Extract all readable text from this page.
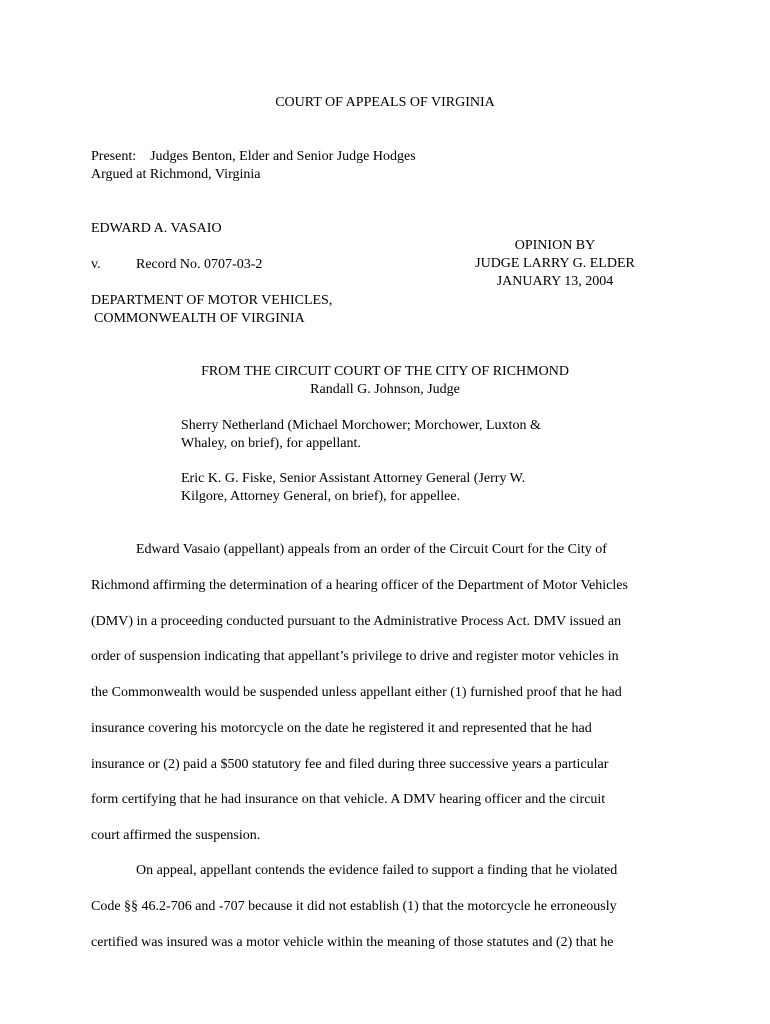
COURT OF APPEALS OF VIRGINIA
Present:    Judges Benton, Elder and Senior Judge Hodges
Argued at Richmond, Virginia
EDWARD A. VASAIO
OPINION BY
JUDGE LARRY G. ELDER
JANUARY 13, 2004
v.	Record No. 0707-03-2
DEPARTMENT OF MOTOR VEHICLES,
COMMONWEALTH OF VIRGINIA
FROM THE CIRCUIT COURT OF THE CITY OF RICHMOND
Randall G. Johnson, Judge
Sherry Netherland (Michael Morchower; Morchower, Luxton &
Whaley, on brief), for appellant.
Eric K. G. Fiske, Senior Assistant Attorney General (Jerry W.
Kilgore, Attorney General, on brief), for appellee.
Edward Vasaio (appellant) appeals from an order of the Circuit Court for the City of
Richmond affirming the determination of a hearing officer of the Department of Motor Vehicles
(DMV) in a proceeding conducted pursuant to the Administrative Process Act. DMV issued an
order of suspension indicating that appellant’s privilege to drive and register motor vehicles in
the Commonwealth would be suspended unless appellant either (1) furnished proof that he had
insurance covering his motorcycle on the date he registered it and represented that he had
insurance or (2) paid a $500 statutory fee and filed during three successive years a particular
form certifying that he had insurance on that vehicle. A DMV hearing officer and the circuit
court affirmed the suspension.
On appeal, appellant contends the evidence failed to support a finding that he violated
Code §§ 46.2-706 and -707 because it did not establish (1) that the motorcycle he erroneously
certified was insured was a motor vehicle within the meaning of those statutes and (2) that he
